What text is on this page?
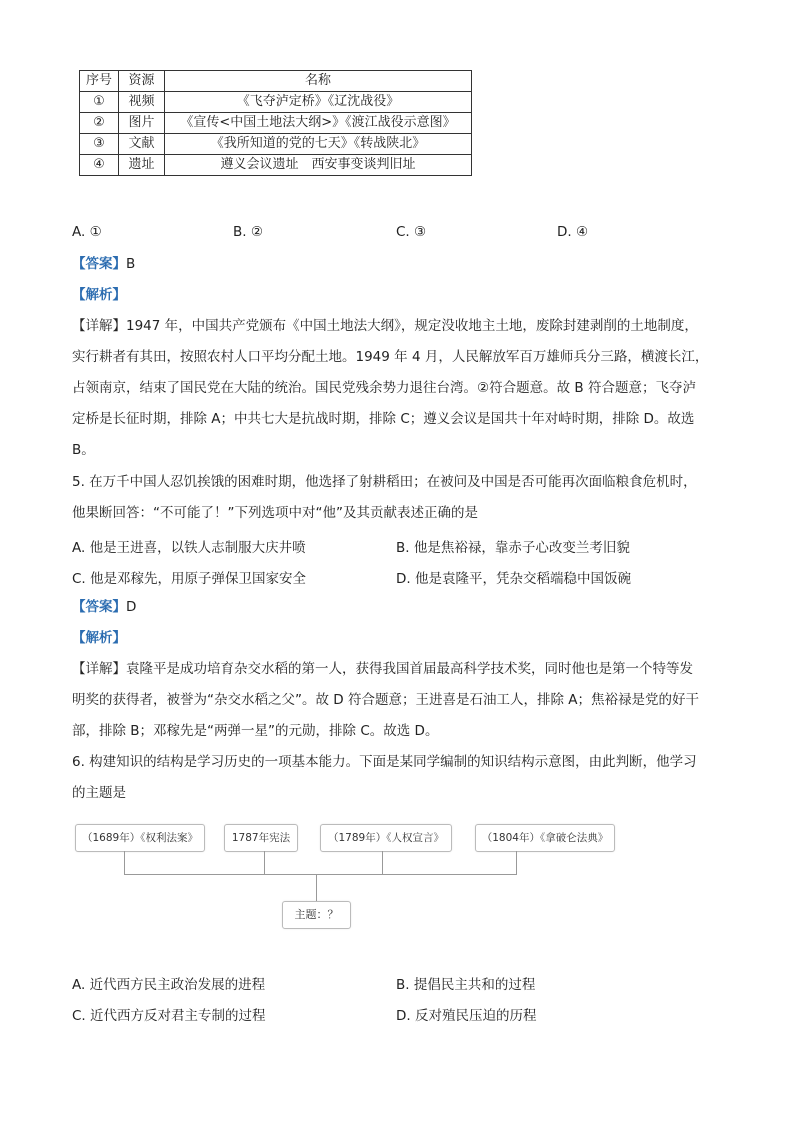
序号	资源	名称
①	视频	《飞夺泸定桥》《辽沈战役》
②	图片	《宣传<中国土地法大纲>》《渡江战役示意图》
③	文献	《我所知道的党的七天》《转战陕北》
④	遗址	遵义会议遗址　西安事变谈判旧址
A. ①	B. ②	C. ③	D. ④
【答案】B
【解析】
【详解】1947 年，中国共产党颁布《中国土地法大纲》，规定没收地主土地，废除封建剥削的土地制度，
实行耕者有其田，按照农村人口平均分配土地。1949 年 4 月，人民解放军百万雄师兵分三路，横渡长江，
占领南京，结束了国民党在大陆的统治。国民党残余势力退往台湾。②符合题意。故 B 符合题意；飞夺泸
定桥是长征时期，排除 A；中共七大是抗战时期，排除 C；遵义会议是国共十年对峙时期，排除 D。故选
B。
5. 在万千中国人忍饥挨饿的困难时期，他选择了射耕稻田；在被问及中国是否可能再次面临粮食危机时，
他果断回答：“不可能了！”下列选项中对“他”及其贡献表述正确的是
A. 他是王进喜，以铁人志制服大庆井喷	B. 他是焦裕禄，靠赤子心改变兰考旧貌
C. 他是邓稼先，用原子弹保卫国家安全	D. 他是袁隆平，凭杂交稻端稳中国饭碗
【答案】D
【解析】
【详解】袁隆平是成功培育杂交水稻的第一人，获得我国首届最高科学技术奖，同时他也是第一个特等发
明奖的获得者，被誉为“杂交水稻之父”。故 D 符合题意；王进喜是石油工人，排除 A；焦裕禄是党的好干
部，排除 B；邓稼先是“两弹一星”的元勋，排除 C。故选 D。
6. 构建知识的结构是学习历史的一项基本能力。下面是某同学编制的知识结构示意图，由此判断，他学习
的主题是
（1689年）《权利法案》	1787年宪法	（1789年）《人权宣言》	（1804年）《拿破仑法典》
主题：？
A. 近代西方民主政治发展的进程	B. 提倡民主共和的过程
C. 近代西方反对君主专制的过程	D. 反对殖民压迫的历程
